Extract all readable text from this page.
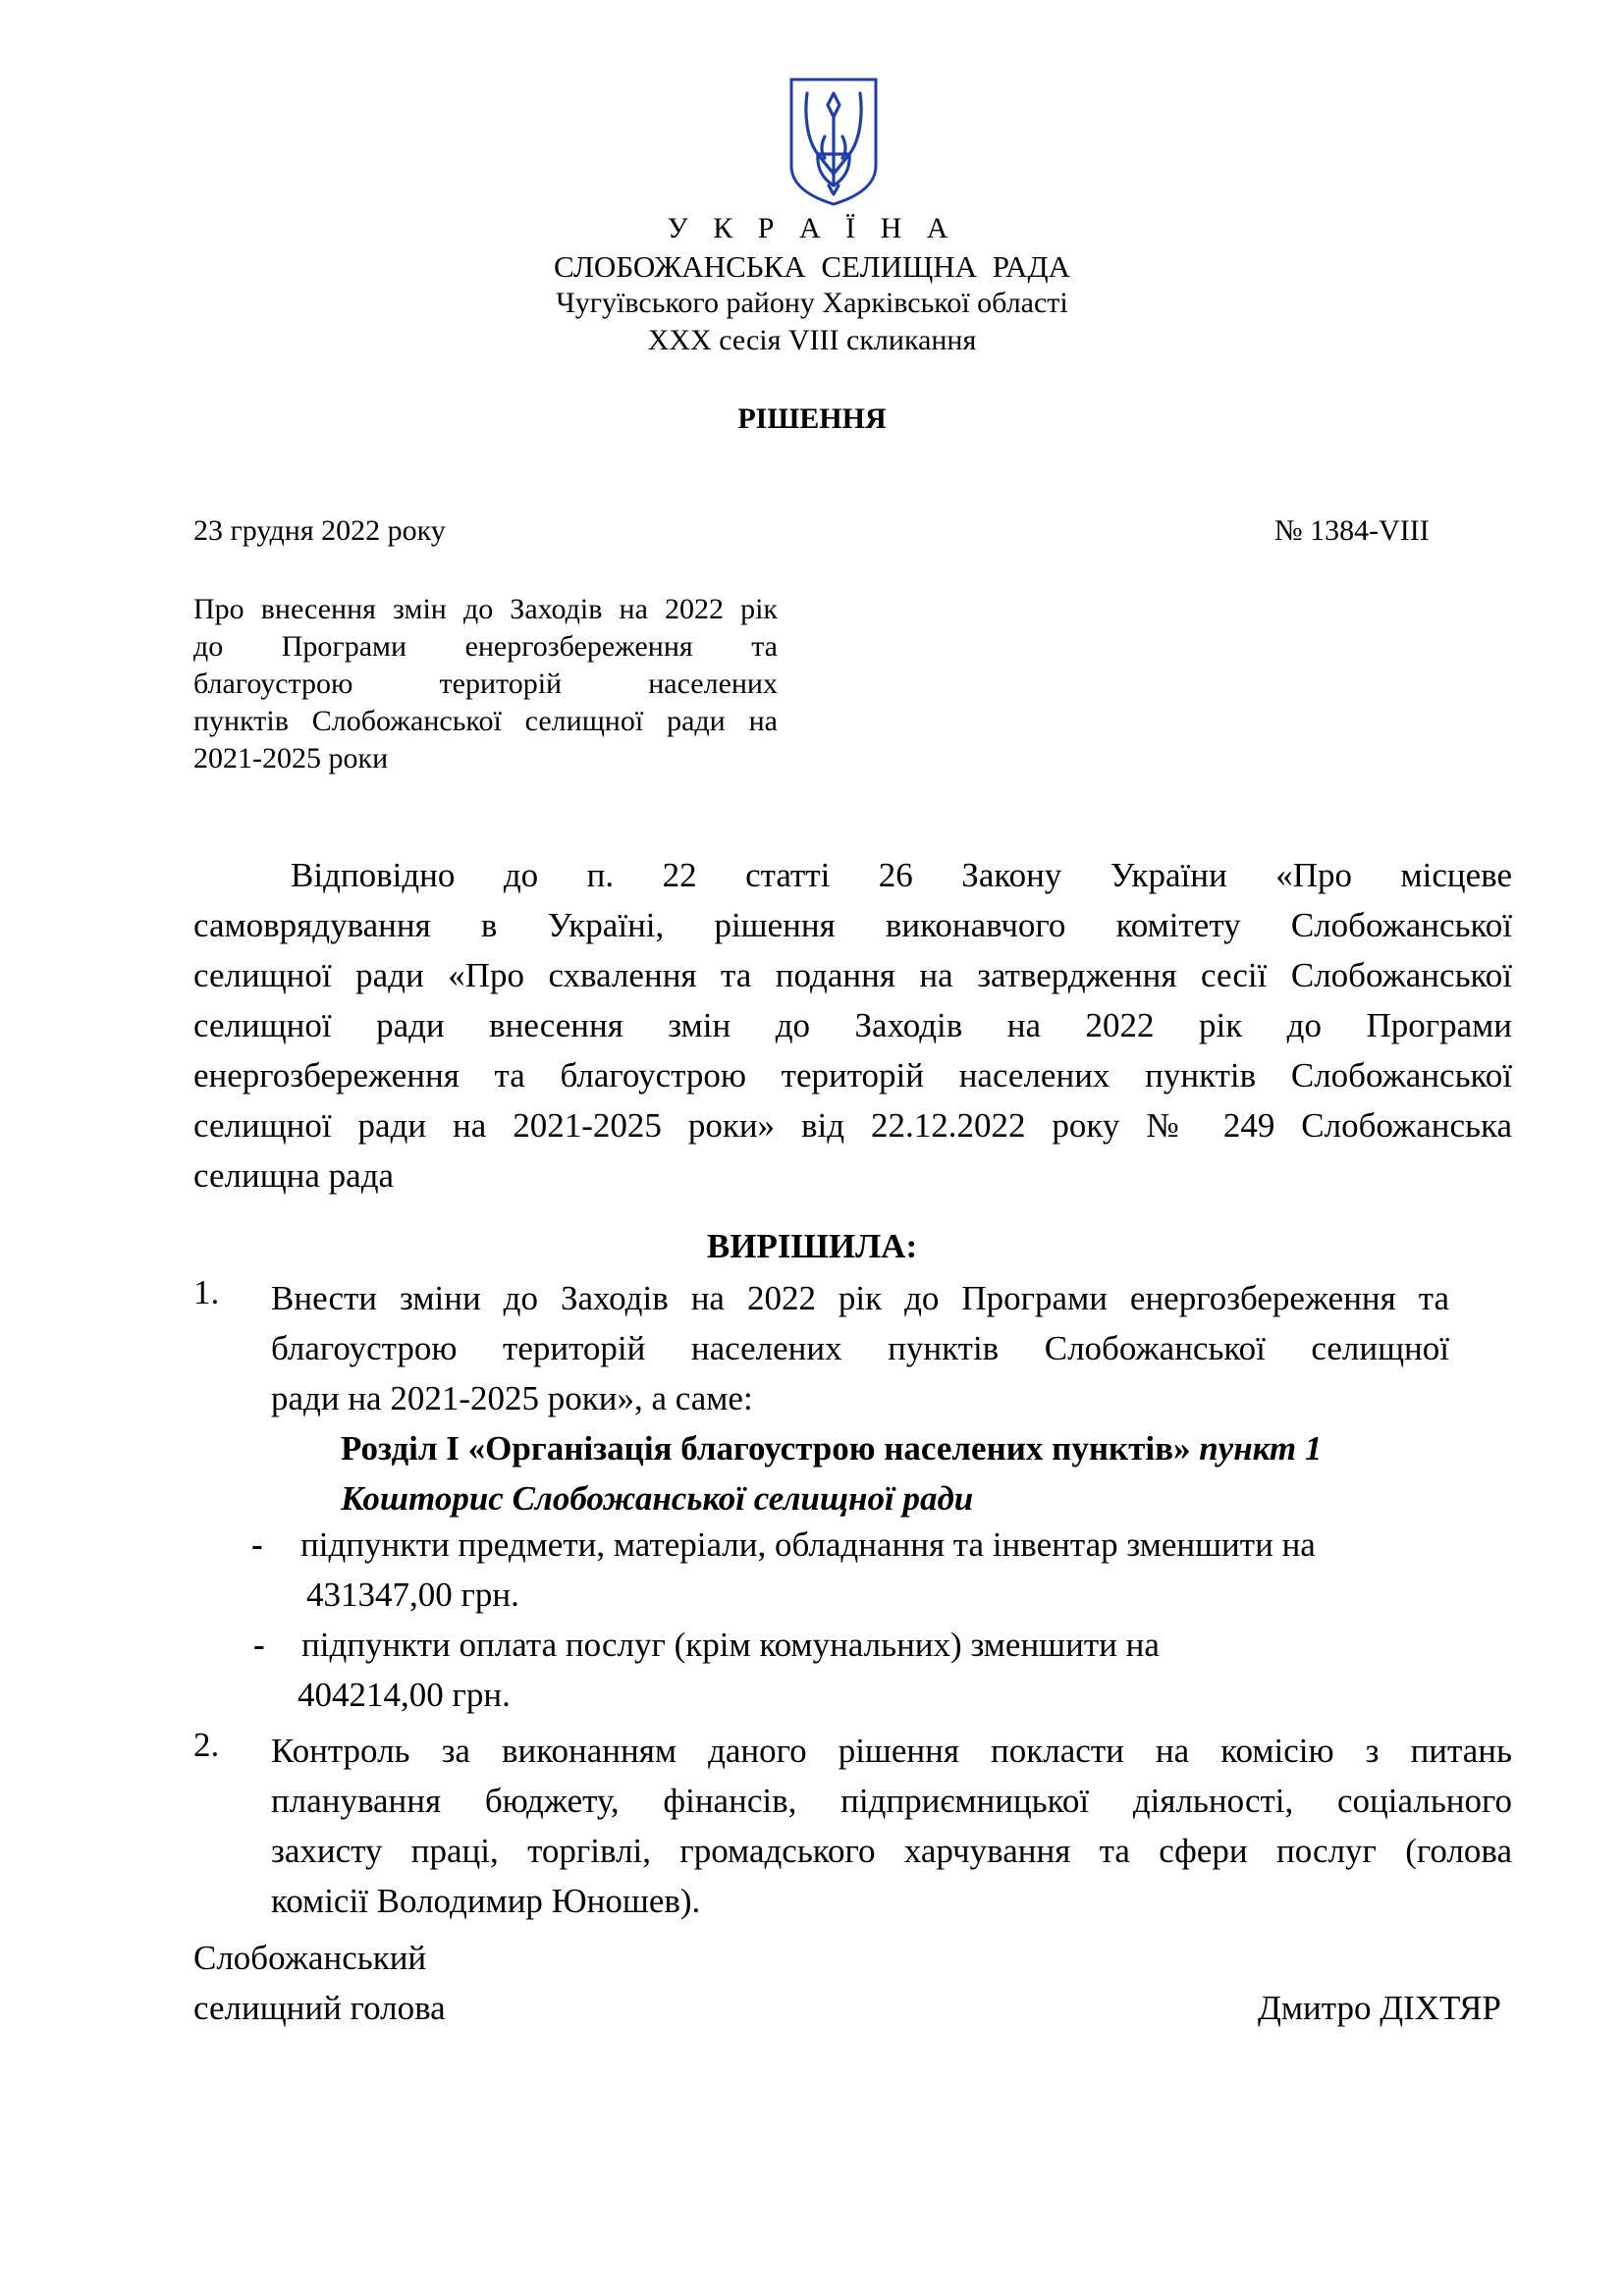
У К Р А Ї Н А
СЛОБОЖАНСЬКА СЕЛИЩНА РАДА
Чугуївського району Харківської області
ХХХ сесія VІІІ скликання
РІШЕННЯ
23 грудня 2022 року	№ 1384-VIII
Про внесення змін до Заходів на 2022 рік
до Програми енергозбереження та
благоустрою територій населених
пунктів Слобожанської селищної ради на
2021-2025 роки
Відповідно до п. 22 статті 26 Закону України «Про місцеве
самоврядування в Україні, рішення виконавчого комітету Слобожанської
селищної ради «Про схвалення та подання на затвердження сесії Слобожанської
селищної ради внесення змін до Заходів на 2022 рік до Програми
енергозбереження та благоустрою територій населених пунктів Слобожанської
селищної ради на 2021-2025 роки» від 22.12.2022 року № 249 Слобожанська
селищна рада
ВИРІШИЛА:
1. Внести зміни до Заходів на 2022 рік до Програми енергозбереження та
благоустрою територій населених пунктів Слобожанської селищної
ради на 2021-2025 роки», а саме:
Розділ І «Організація благоустрою населених пунктів» пункт 1
Кошторис Слобожанської селищної ради
- підпункти предмети, матеріали, обладнання та інвентар зменшити на
431347,00 грн.
- підпункти оплата послуг (крім комунальних) зменшити на
404214,00 грн.
2. Контроль за виконанням даного рішення покласти на комісію з питань
планування бюджету, фінансів, підприємницької діяльності, соціального
захисту праці, торгівлі, громадського харчування та сфери послуг (голова
комісії Володимир Юношев).
Слобожанський
селищний голова	Дмитро ДІХТЯР
